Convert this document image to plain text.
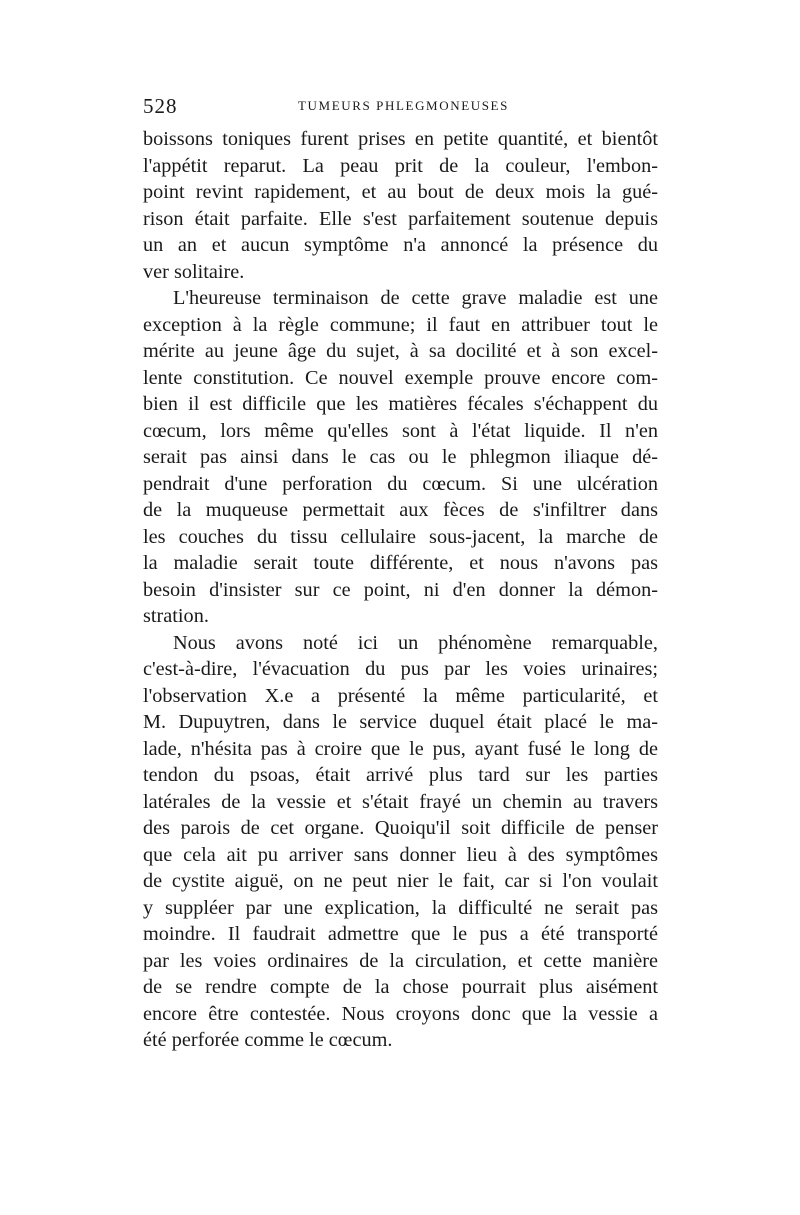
528	TUMEURS PHLEGMONEUSES
boissons toniques furent prises en petite quantité, et bientôt
l'appétit reparut. La peau prit de la couleur, l'embon-
point revint rapidement, et au bout de deux mois la gué-
rison était parfaite. Elle s'est parfaitement soutenue depuis
un an et aucun symptôme n'a annoncé la présence du
ver solitaire.
L'heureuse terminaison de cette grave maladie est une
exception à la règle commune; il faut en attribuer tout le
mérite au jeune âge du sujet, à sa docilité et à son excel-
lente constitution. Ce nouvel exemple prouve encore com-
bien il est difficile que les matières fécales s'échappent du
cœcum, lors même qu'elles sont à l'état liquide. Il n'en
serait pas ainsi dans le cas ou le phlegmon iliaque dé-
pendrait d'une perforation du cœcum. Si une ulcération
de la muqueuse permettait aux fèces de s'infiltrer dans
les couches du tissu cellulaire sous-jacent, la marche de
la maladie serait toute différente, et nous n'avons pas
besoin d'insister sur ce point, ni d'en donner la démon-
stration.
Nous avons noté ici un phénomène remarquable,
c'est-à-dire, l'évacuation du pus par les voies urinaires;
l'observation X.e a présenté la même particularité, et
M. Dupuytren, dans le service duquel était placé le ma-
lade, n'hésita pas à croire que le pus, ayant fusé le long de
tendon du psoas, était arrivé plus tard sur les parties
latérales de la vessie et s'était frayé un chemin au travers
des parois de cet organe. Quoiqu'il soit difficile de penser
que cela ait pu arriver sans donner lieu à des symptômes
de cystite aiguë, on ne peut nier le fait, car si l'on voulait
y suppléer par une explication, la difficulté ne serait pas
moindre. Il faudrait admettre que le pus a été transporté
par les voies ordinaires de la circulation, et cette manière
de se rendre compte de la chose pourrait plus aisément
encore être contestée. Nous croyons donc que la vessie a
été perforée comme le cœcum.
